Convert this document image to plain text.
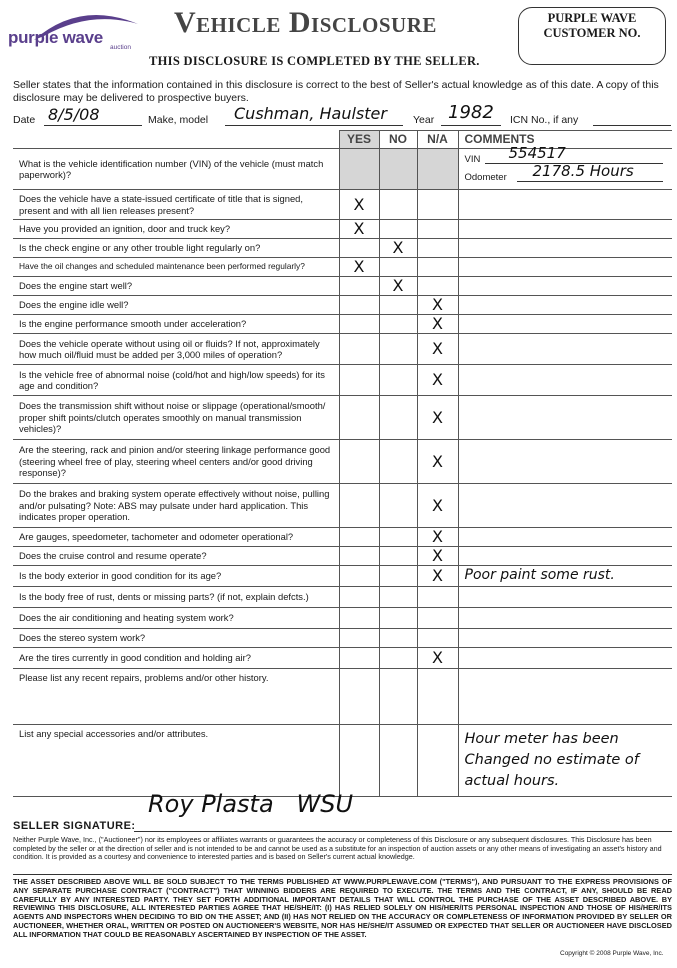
purple wave
auction
Vehicle Disclosure
THIS DISCLOSURE IS COMPLETED BY THE SELLER.
PURPLE WAVE CUSTOMER NO.
Seller states that the information contained in this disclosure is correct to the best of Seller's actual knowledge as of this date. A copy of this disclosure may be delivered to prospective buyers.
Date 8/5/08	Make, model Cushman, Haulster Year 1982 ICN No., if any
	YES	NO	N/A	COMMENTS
What is the vehicle identification number (VIN) of the vehicle (must match paperwork)?				VIN 554517
Odometer 2178.5 Hours

Does the vehicle have a state-issued certificate of title that is signed, present and with all lien releases present?	X			
Have you provided an ignition, door and truck key?	X			
Is the check engine or any other trouble light regularly on?		X		
Have the oil changes and scheduled maintenance been performed regularly?	X			
Does the engine start well?		X		
Does the engine idle well?			X	
Is the engine performance smooth under acceleration?			X	
Does the vehicle operate without using oil or fluids? If not, approximately how much oil/fluid must be added per 3,000 miles of operation?			X	
Is the vehicle free of abnormal noise (cold/hot and high/low speeds) for its age and condition?			X	
Does the transmission shift without noise or slippage (operational/smooth/ proper shift points/clutch operates smoothly on manual transmission vehicles)?			X	
Are the steering, rack and pinion and/or steering linkage performance good (steering wheel free of play, steering wheel centers and/or good driving response)?			X	
Do the brakes and braking system operate effectively without noise, pulling and/or pulsating? Note: ABS may pulsate under hard application. This indicates proper operation.			X	
Are gauges, speedometer, tachometer and odometer operational?			X	
Does the cruise control and resume operate?			X	
Is the body exterior in good condition for its age?			X	Poor paint some rust.
Is the body free of rust, dents or missing parts? (if not, explain defcts.)				
Does the air conditioning and heating system work?				
Does the stereo system work?				
Are the tires currently in good condition and holding air?			X	
Please list any recent repairs, problems and/or other history.				
List any special accessories and/or attributes.				Hour meter has been Changed no estimate of actual hours.
SELLER SIGNATURE:
Roy Plasta   WSU
Neither Purple Wave, Inc., ("Auctioneer") nor its employees or affiliates warrants or guarantees the accuracy or completeness of this Disclosure or any subsequent disclosures. This Disclosure has been completed by the seller or at the direction of seller and is not intended to be and cannot be used as a substitute for an inspection of auction assets or any other means of investigating an asset's history and condition. It is provided as a courtesy and convenience to interested parties and is based on Seller's current actual knowledge.
THE ASSET DESCRIBED ABOVE WILL BE SOLD SUBJECT TO THE TERMS PUBLISHED AT WWW.PURPLEWAVE.COM ("TERMS"), AND PURSUANT TO THE EXPRESS PROVISIONS OF ANY SEPARATE PURCHASE CONTRACT ("CONTRACT") THAT WINNING BIDDERS ARE REQUIRED TO EXECUTE. THE TERMS AND THE CONTRACT, IF ANY, SHOULD BE READ CAREFULLY BY ANY INTERESTED PARTY. THEY SET FORTH ADDITIONAL IMPORTANT DETAILS THAT WILL CONTROL THE PURCHASE OF THE ASSET DESCRIBED ABOVE. BY REVIEWING THIS DISCLOSURE, ALL INTERESTED PARTIES AGREE THAT HE/SHE/IT: (I) HAS RELIED SOLELY ON HIS/HER/ITS PERSONAL INSPECTION AND THOSE OF HIS/HER/ITS AGENTS AND INSPECTORS WHEN DECIDING TO BID ON THE ASSET; AND (II) HAS NOT RELIED ON THE ACCURACY OR COMPLETENESS OF INFORMATION PROVIDED BY SELLER OR AUCTIONEER, WHETHER ORAL, WRITTEN OR POSTED ON AUCTIONEER'S WEBSITE, NOR HAS HE/SHE/IT ASSUMED OR EXPECTED THAT SELLER OR AUCTIONEER HAVE DISCLOSED ALL INFORMATION THAT COULD BE REASONABLY ASCERTAINED BY INSPECTION OF THE ASSET.
Copyright © 2008 Purple Wave, Inc.
